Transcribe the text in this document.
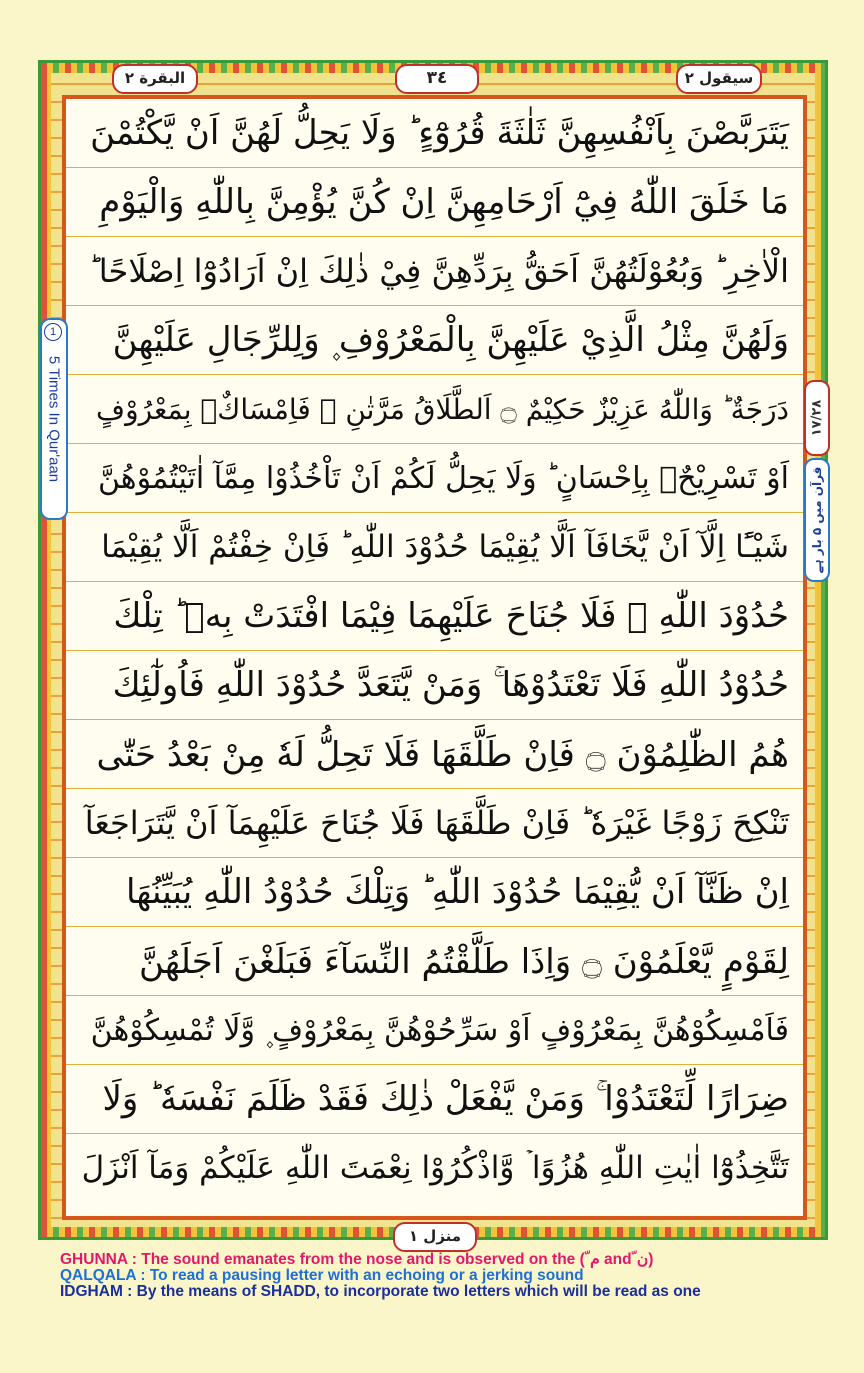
البقرة ٢	٣٤	سيقول ٢
يَتَرَبَّصْنَ بِاَنْفُسِهِنَّ ثَلٰثَةَ قُرُوْٓءٍ ؕ وَلَا يَحِلُّ لَهُنَّ اَنْ يَّكْتُمْنَ
مَا خَلَقَ اللّٰهُ فِيْٓ اَرْحَامِهِنَّ اِنْ كُنَّ يُؤْمِنَّ بِاللّٰهِ وَالْيَوْمِ
الْاٰخِرِ ؕ وَبُعُوْلَتُهُنَّ اَحَقُّ بِرَدِّهِنَّ فِيْ ذٰلِكَ اِنْ اَرَادُوْٓا اِصْلَاحًا ؕ
وَلَهُنَّ مِثْلُ الَّذِيْ عَلَيْهِنَّ بِالْمَعْرُوْفِ ۪ وَلِلرِّجَالِ عَلَيْهِنَّ
دَرَجَةٌ ؕ وَاللّٰهُ عَزِيْزٌ حَكِيْمٌ ۝ اَلطَّلَاقُ مَرَّتٰنِ ۪ فَاِمْسَاكٌۢ بِمَعْرُوْفٍ
اَوْ تَسْرِيْحٌۢ بِاِحْسَانٍ ؕ وَلَا يَحِلُّ لَكُمْ اَنْ تَاْخُذُوْا مِمَّآ اٰتَيْتُمُوْهُنَّ
شَيْـًٔا اِلَّآ اَنْ يَّخَافَآ اَلَّا يُقِيْمَا حُدُوْدَ اللّٰهِ ؕ فَاِنْ خِفْتُمْ اَلَّا يُقِيْمَا
حُدُوْدَ اللّٰهِ ۙ فَلَا جُنَاحَ عَلَيْهِمَا فِيْمَا افْتَدَتْ بِهٖ ؕ تِلْكَ
حُدُوْدُ اللّٰهِ فَلَا تَعْتَدُوْهَا ۚ وَمَنْ يَّتَعَدَّ حُدُوْدَ اللّٰهِ فَاُولٰٓئِكَ
هُمُ الظّٰلِمُوْنَ ۝ فَاِنْ طَلَّقَهَا فَلَا تَحِلُّ لَهٗ مِنْ بَعْدُ حَتّٰى
تَنْكِحَ زَوْجًا غَيْرَهٗ ؕ فَاِنْ طَلَّقَهَا فَلَا جُنَاحَ عَلَيْهِمَآ اَنْ يَّتَرَاجَعَآ
اِنْ ظَنَّآ اَنْ يُّقِيْمَا حُدُوْدَ اللّٰهِ ؕ وَتِلْكَ حُدُوْدُ اللّٰهِ يُبَيِّنُهَا
لِقَوْمٍ يَّعْلَمُوْنَ ۝ وَاِذَا طَلَّقْتُمُ النِّسَآءَ فَبَلَغْنَ اَجَلَهُنَّ
فَاَمْسِكُوْهُنَّ بِمَعْرُوْفٍ اَوْ سَرِّحُوْهُنَّ بِمَعْرُوْفٍ ۪ وَّلَا تُمْسِكُوْهُنَّ
ضِرَارًا لِّتَعْتَدُوْا ۚ وَمَنْ يَّفْعَلْ ذٰلِكَ فَقَدْ ظَلَمَ نَفْسَهٗ ؕ وَلَا
تَتَّخِذُوْٓا اٰيٰتِ اللّٰهِ هُزُوًا ۡ وَّاذْكُرُوْا نِعْمَتَ اللّٰهِ عَلَيْكُمْ وَمَآ اَنْزَلَ
1
5 Times In Qur'aan	١٧/٢٨
قرآن میں ۵ بار ہے
منزل ١
GHUNNA : The sound emanates from the nose and is observed on the ( ّم and ّن)
QALQALA : To read a pausing letter with an echoing or a jerking sound
IDGHAM : By the means of SHADD, to incorporate two letters which will be read as one
